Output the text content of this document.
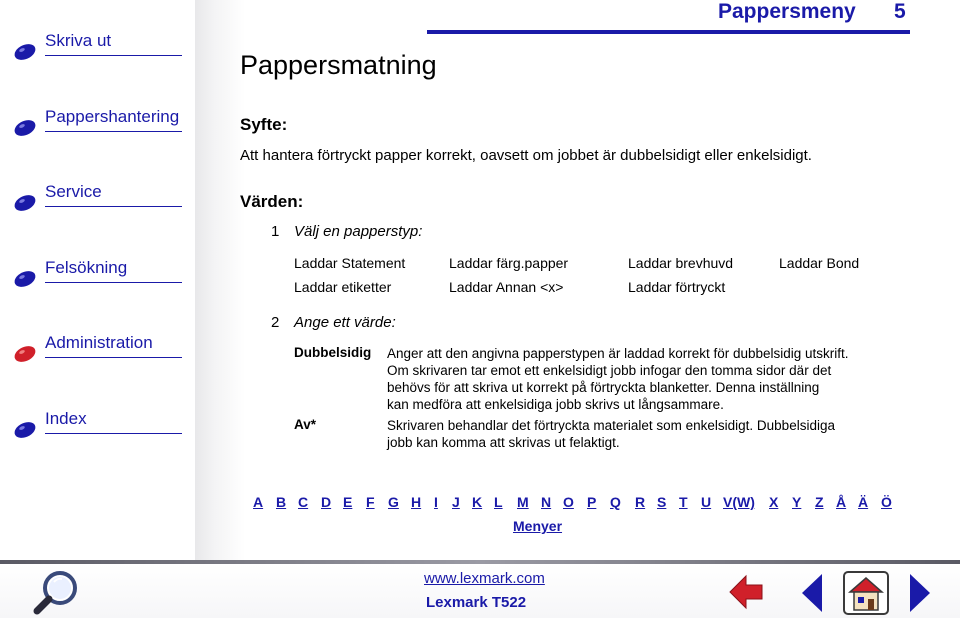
Skriva ut
Pappershantering
Service
Felsökning
Administration
Index
Pappersmeny 5
Pappersmatning
Syfte:
Att hantera förtryckt papper korrekt, oavsett om jobbet är dubbelsidigt eller enkelsidigt.
Värden:
1 Välj en papperstyp:
Laddar Statement	Laddar färg.papper	Laddar brevhuvd	Laddar Bond
Laddar etiketter	Laddar Annan <x>	Laddar förtryckt
2 Ange ett värde:
Dubbelsidig Anger att den angivna papperstypen är laddad korrekt för dubbelsidig utskrift.
Om skrivaren tar emot ett enkelsidigt jobb infogar den tomma sidor där det
behövs för att skriva ut korrekt på förtryckta blanketter. Denna inställning
kan medföra att enkelsidiga jobb skrivs ut långsammare.
Av*	Skrivaren behandlar det förtryckta materialet som enkelsidigt. Dubbelsidiga
jobb kan komma att skrivas ut felaktigt.
A B C D E F G H I J K L M N O P Q R S T U V(W) X Y Z Å Ä Ö
Menyer
www.lexmark.com
Lexmark T522
